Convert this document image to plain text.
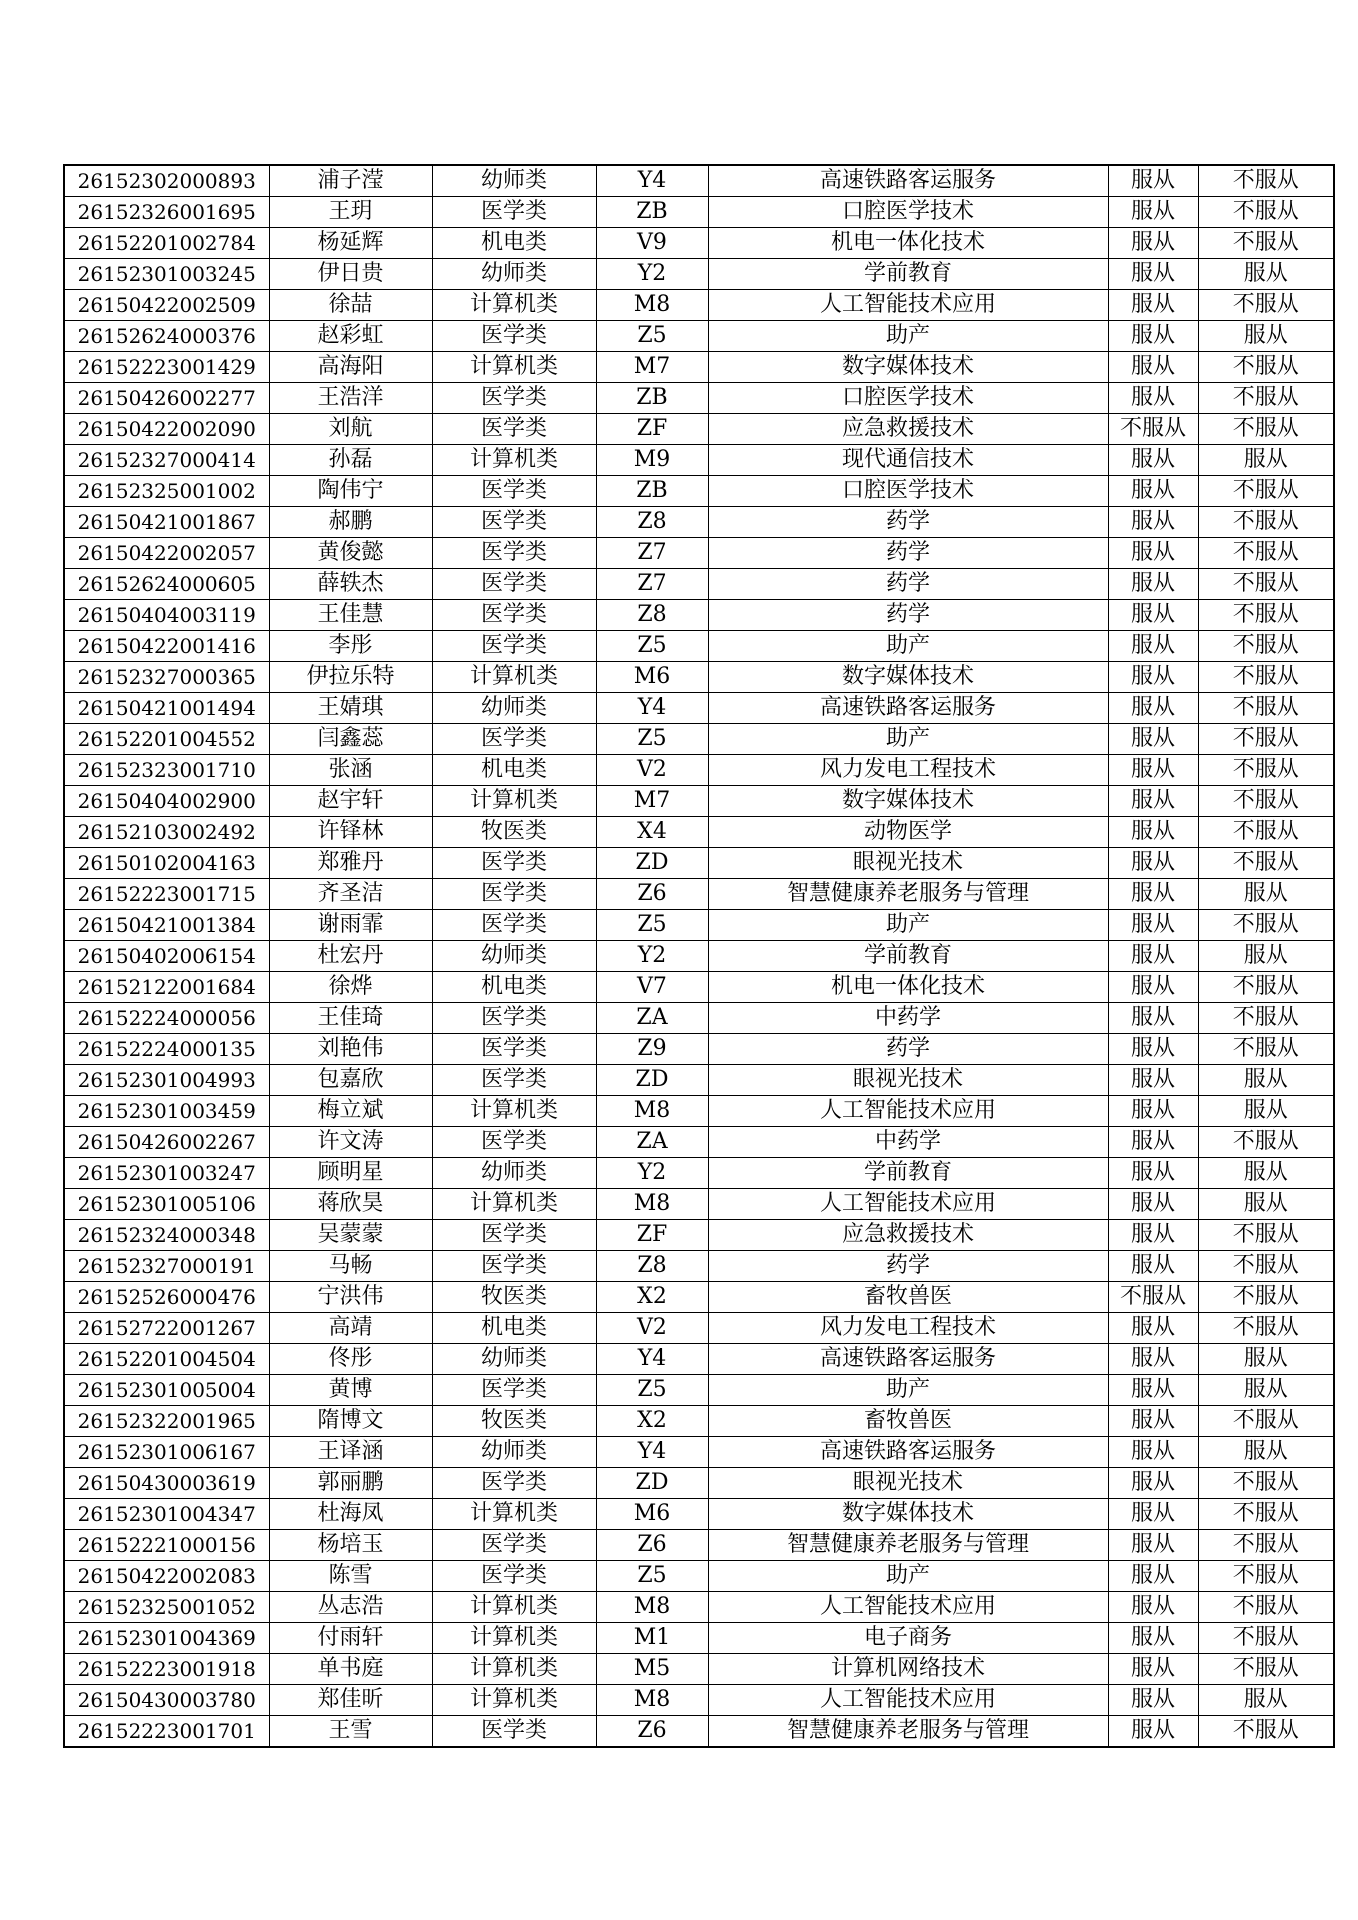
26152302000893	浦子滢	幼师类	Y4	高速铁路客运服务	服从	不服从
26152326001695	王玥	医学类	ZB	口腔医学技术	服从	不服从
26152201002784	杨延辉	机电类	V9	机电一体化技术	服从	不服从
26152301003245	伊日贵	幼师类	Y2	学前教育	服从	服从
26150422002509	徐喆	计算机类	M8	人工智能技术应用	服从	不服从
26152624000376	赵彩虹	医学类	Z5	助产	服从	服从
26152223001429	高海阳	计算机类	M7	数字媒体技术	服从	不服从
26150426002277	王浩洋	医学类	ZB	口腔医学技术	服从	不服从
26150422002090	刘航	医学类	ZF	应急救援技术	不服从	不服从
26152327000414	孙磊	计算机类	M9	现代通信技术	服从	服从
26152325001002	陶伟宁	医学类	ZB	口腔医学技术	服从	不服从
26150421001867	郝鹏	医学类	Z8	药学	服从	不服从
26150422002057	黄俊懿	医学类	Z7	药学	服从	不服从
26152624000605	薛轶杰	医学类	Z7	药学	服从	不服从
26150404003119	王佳慧	医学类	Z8	药学	服从	不服从
26150422001416	李彤	医学类	Z5	助产	服从	不服从
26152327000365	伊拉乐特	计算机类	M6	数字媒体技术	服从	不服从
26150421001494	王婧琪	幼师类	Y4	高速铁路客运服务	服从	不服从
26152201004552	闫鑫蕊	医学类	Z5	助产	服从	不服从
26152323001710	张涵	机电类	V2	风力发电工程技术	服从	不服从
26150404002900	赵宇轩	计算机类	M7	数字媒体技术	服从	不服从
26152103002492	许铎林	牧医类	X4	动物医学	服从	不服从
26150102004163	郑雅丹	医学类	ZD	眼视光技术	服从	不服从
26152223001715	齐圣洁	医学类	Z6	智慧健康养老服务与管理	服从	服从
26150421001384	谢雨霏	医学类	Z5	助产	服从	不服从
26150402006154	杜宏丹	幼师类	Y2	学前教育	服从	服从
26152122001684	徐烨	机电类	V7	机电一体化技术	服从	不服从
26152224000056	王佳琦	医学类	ZA	中药学	服从	不服从
26152224000135	刘艳伟	医学类	Z9	药学	服从	不服从
26152301004993	包嘉欣	医学类	ZD	眼视光技术	服从	服从
26152301003459	梅立斌	计算机类	M8	人工智能技术应用	服从	服从
26150426002267	许文涛	医学类	ZA	中药学	服从	不服从
26152301003247	顾明星	幼师类	Y2	学前教育	服从	服从
26152301005106	蒋欣昊	计算机类	M8	人工智能技术应用	服从	服从
26152324000348	吴蒙蒙	医学类	ZF	应急救援技术	服从	不服从
26152327000191	马畅	医学类	Z8	药学	服从	不服从
26152526000476	宁洪伟	牧医类	X2	畜牧兽医	不服从	不服从
26152722001267	高靖	机电类	V2	风力发电工程技术	服从	不服从
26152201004504	佟彤	幼师类	Y4	高速铁路客运服务	服从	服从
26152301005004	黄博	医学类	Z5	助产	服从	服从
26152322001965	隋博文	牧医类	X2	畜牧兽医	服从	不服从
26152301006167	王译涵	幼师类	Y4	高速铁路客运服务	服从	服从
26150430003619	郭丽鹏	医学类	ZD	眼视光技术	服从	不服从
26152301004347	杜海凤	计算机类	M6	数字媒体技术	服从	不服从
26152221000156	杨培玉	医学类	Z6	智慧健康养老服务与管理	服从	不服从
26150422002083	陈雪	医学类	Z5	助产	服从	不服从
26152325001052	丛志浩	计算机类	M8	人工智能技术应用	服从	不服从
26152301004369	付雨轩	计算机类	M1	电子商务	服从	不服从
26152223001918	单书庭	计算机类	M5	计算机网络技术	服从	不服从
26150430003780	郑佳昕	计算机类	M8	人工智能技术应用	服从	服从
26152223001701	王雪	医学类	Z6	智慧健康养老服务与管理	服从	不服从
